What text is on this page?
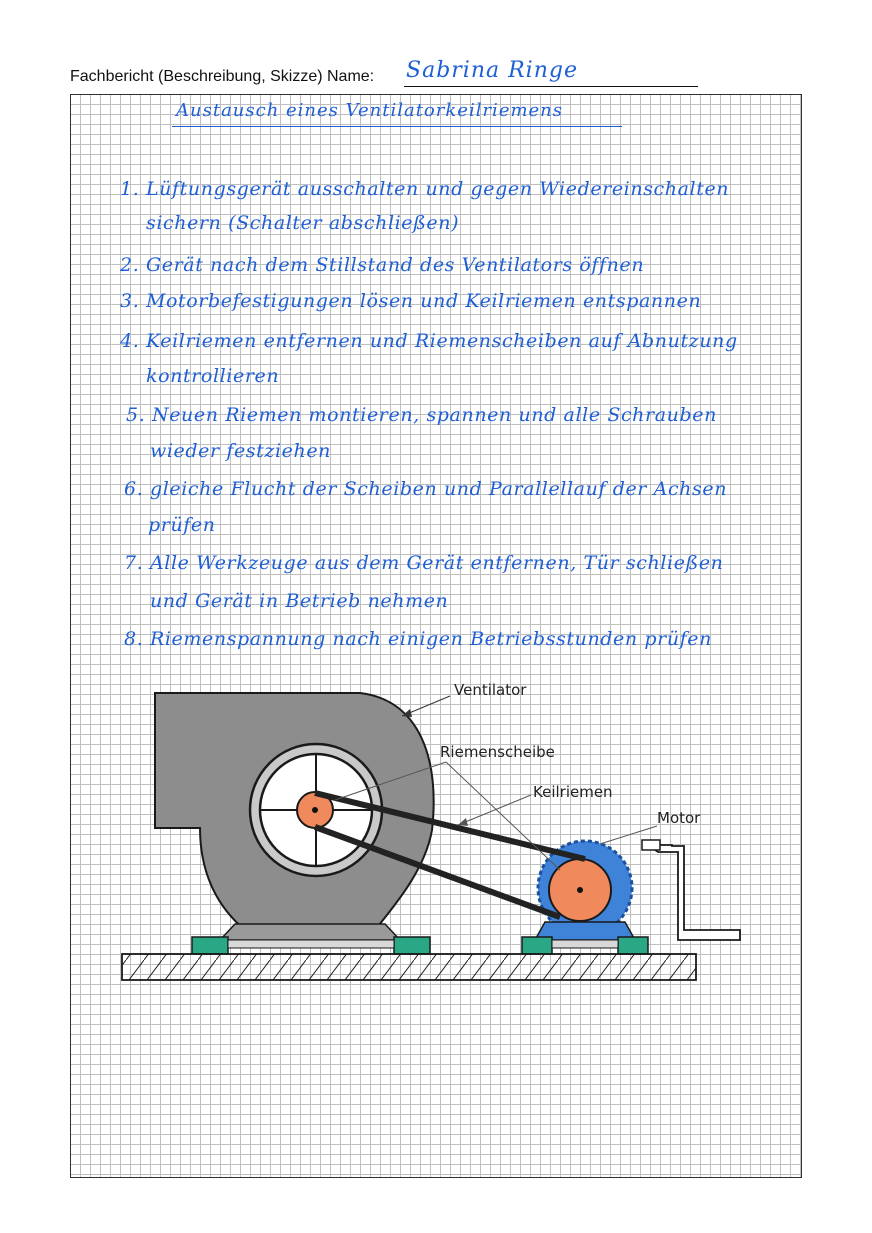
Fachbericht (Beschreibung, Skizze) Name: Sabrina Ringe
Austausch eines Ventilatorkeilriemens
1. Lüftungsgerät ausschalten und gegen Wiedereinschalten
sichern (Schalter abschließen)
2. Gerät nach dem Stillstand des Ventilators öffnen
3. Motorbefestigungen lösen und Keilriemen entspannen
4. Keilriemen entfernen und Riemenscheiben auf Abnutzung
kontrollieren
5. Neuen Riemen montieren, spannen und alle Schrauben
wieder festziehen
6. gleiche Flucht der Scheiben und Parallellauf der Achsen
prüfen
7. Alle Werkzeuge aus dem Gerät entfernen, Tür schließen
und Gerät in Betrieb nehmen
8. Riemenspannung nach einigen Betriebsstunden prüfen
Ventilator
Riemenscheibe
Keilriemen
Motor
